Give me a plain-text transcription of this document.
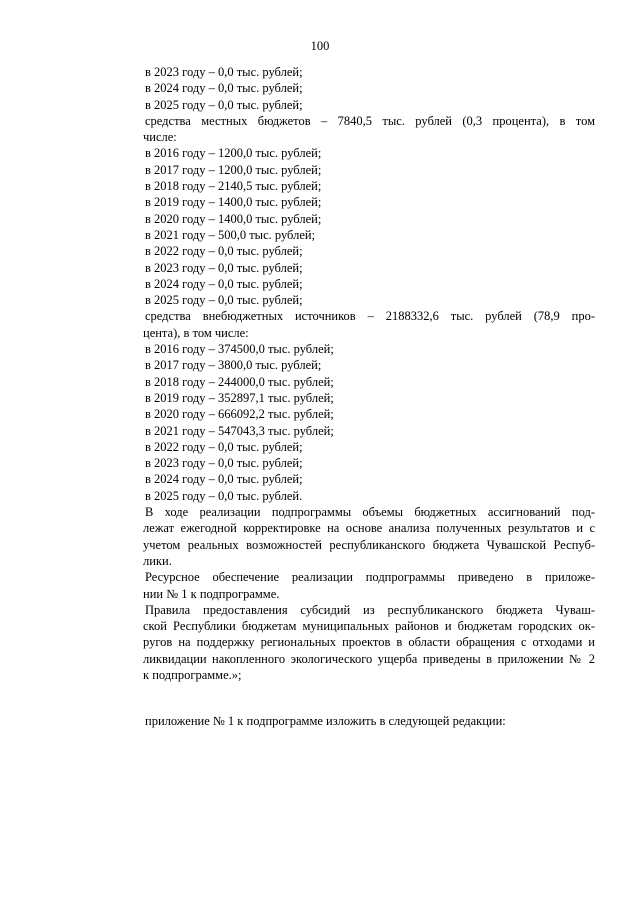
100
в 2023 году – 0,0 тыс. рублей;
в 2024 году – 0,0 тыс. рублей;
в 2025 году – 0,0 тыс. рублей;
средства местных бюджетов – 7840,5 тыс. рублей (0,3 процента), в том
числе:
в 2016 году – 1200,0 тыс. рублей;
в 2017 году – 1200,0 тыс. рублей;
в 2018 году – 2140,5 тыс. рублей;
в 2019 году – 1400,0 тыс. рублей;
в 2020 году – 1400,0 тыс. рублей;
в 2021 году – 500,0 тыс. рублей;
в 2022 году – 0,0 тыс. рублей;
в 2023 году – 0,0 тыс. рублей;
в 2024 году – 0,0 тыс. рублей;
в 2025 году – 0,0 тыс. рублей;
средства внебюджетных источников – 2188332,6 тыс. рублей (78,9 про-
цента), в том числе:
в 2016 году – 374500,0 тыс. рублей;
в 2017 году – 3800,0 тыс. рублей;
в 2018 году – 244000,0 тыс. рублей;
в 2019 году – 352897,1 тыс. рублей;
в 2020 году – 666092,2 тыс. рублей;
в 2021 году – 547043,3 тыс. рублей;
в 2022 году – 0,0 тыс. рублей;
в 2023 году – 0,0 тыс. рублей;
в 2024 году – 0,0 тыс. рублей;
в 2025 году – 0,0 тыс. рублей.
В ходе реализации подпрограммы объемы бюджетных ассигнований под-
лежат ежегодной корректировке на основе анализа полученных результатов и с
учетом реальных возможностей республиканского бюджета Чувашской Респуб-
лики.
Ресурсное обеспечение реализации подпрограммы приведено в приложе-
нии № 1 к подпрограмме.
Правила предоставления субсидий из республиканского бюджета Чуваш-
ской Республики бюджетам муниципальных районов и бюджетам городских ок-
ругов на поддержку региональных проектов в области обращения с отходами и
ликвидации накопленного экологического ущерба приведены в приложении № 2
к подпрограмме.»;
приложение № 1 к подпрограмме изложить в следующей редакции:
